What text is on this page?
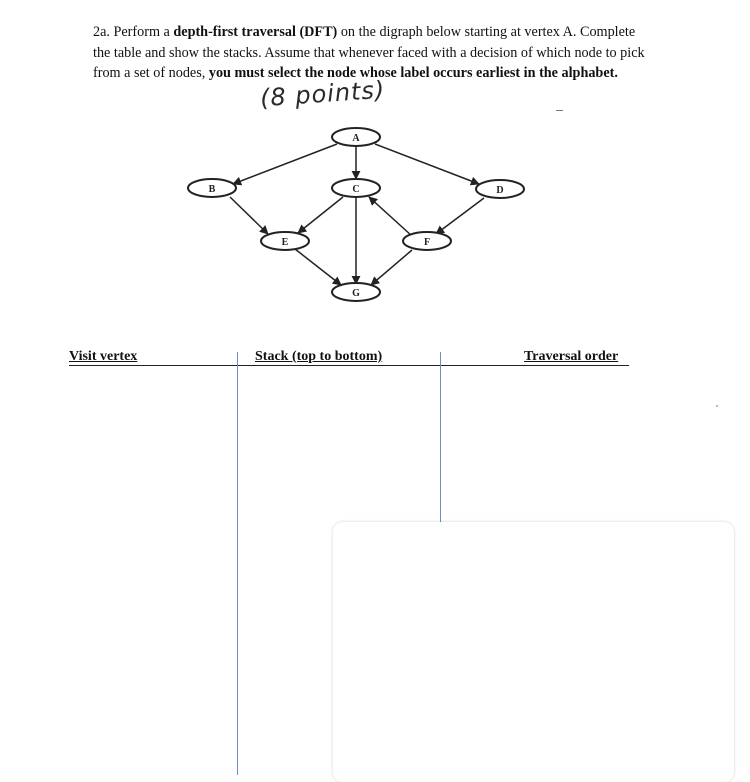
2a. Perform a depth-first traversal (DFT) on the digraph below starting at vertex A. Complete the table and show the stacks. Assume that whenever faced with a decision of which node to pick from a set of nodes, you must select the node whose label occurs earliest in the alphabet.

(8 points)
A
B	C	D
E	F
G

Visit vertex	Stack (top to bottom)	Traversal order
